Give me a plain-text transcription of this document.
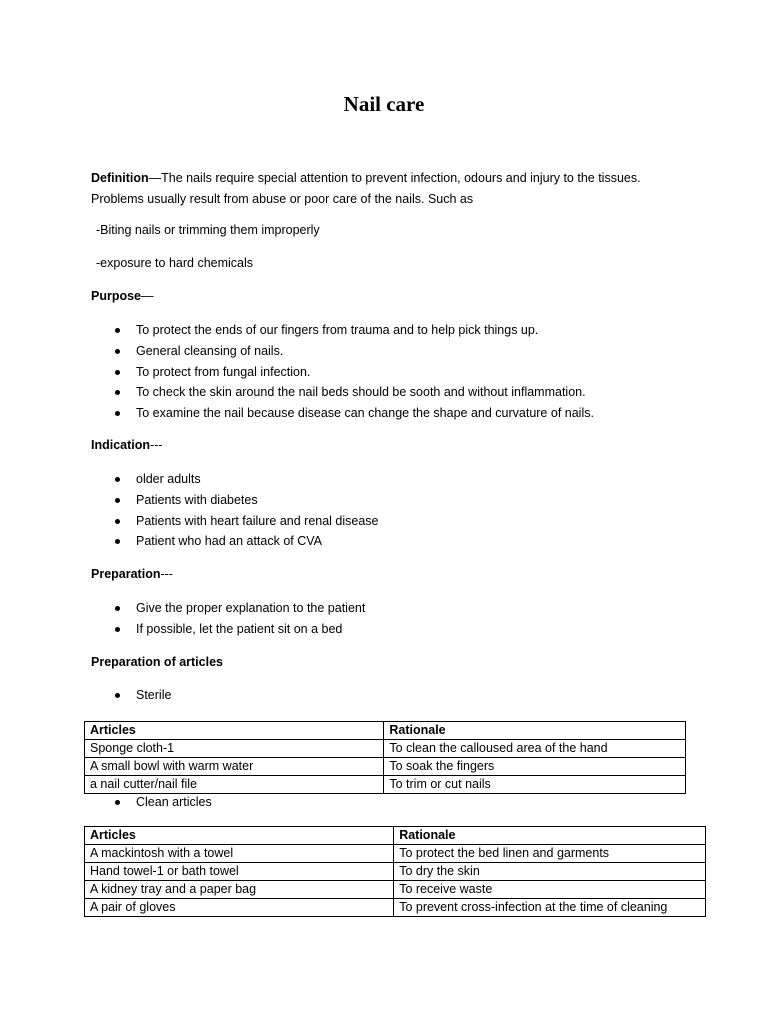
Nail care
Definition—The nails require special attention to prevent infection, odours and injury to the tissues.
Problems usually result from abuse or poor care of the nails. Such as
-Biting nails or trimming them improperly
-exposure to hard chemicals
Purpose—
To protect the ends of our fingers from trauma and to help pick things up.
General cleansing of nails.
To protect from fungal infection.
To check the skin around the nail beds should be sooth and without inflammation.
To examine the nail because disease can change the shape and curvature of nails.
Indication---
older adults
Patients with diabetes
Patients with heart failure and renal disease
Patient who had an attack of CVA
Preparation---
Give the proper explanation to the patient
If possible, let the patient sit on a bed
Preparation of articles
Sterile
Articles	Rationale
Sponge cloth-1	To clean the calloused area of the hand
A small bowl with warm water	To soak the fingers
a nail cutter/nail file	To trim or cut nails
Clean articles
Articles	Rationale
A mackintosh with a towel	To protect the bed linen and garments
Hand towel-1 or bath towel	To dry the skin
A kidney tray and a paper bag	To receive waste
A pair of gloves	To prevent cross-infection at the time of cleaning
